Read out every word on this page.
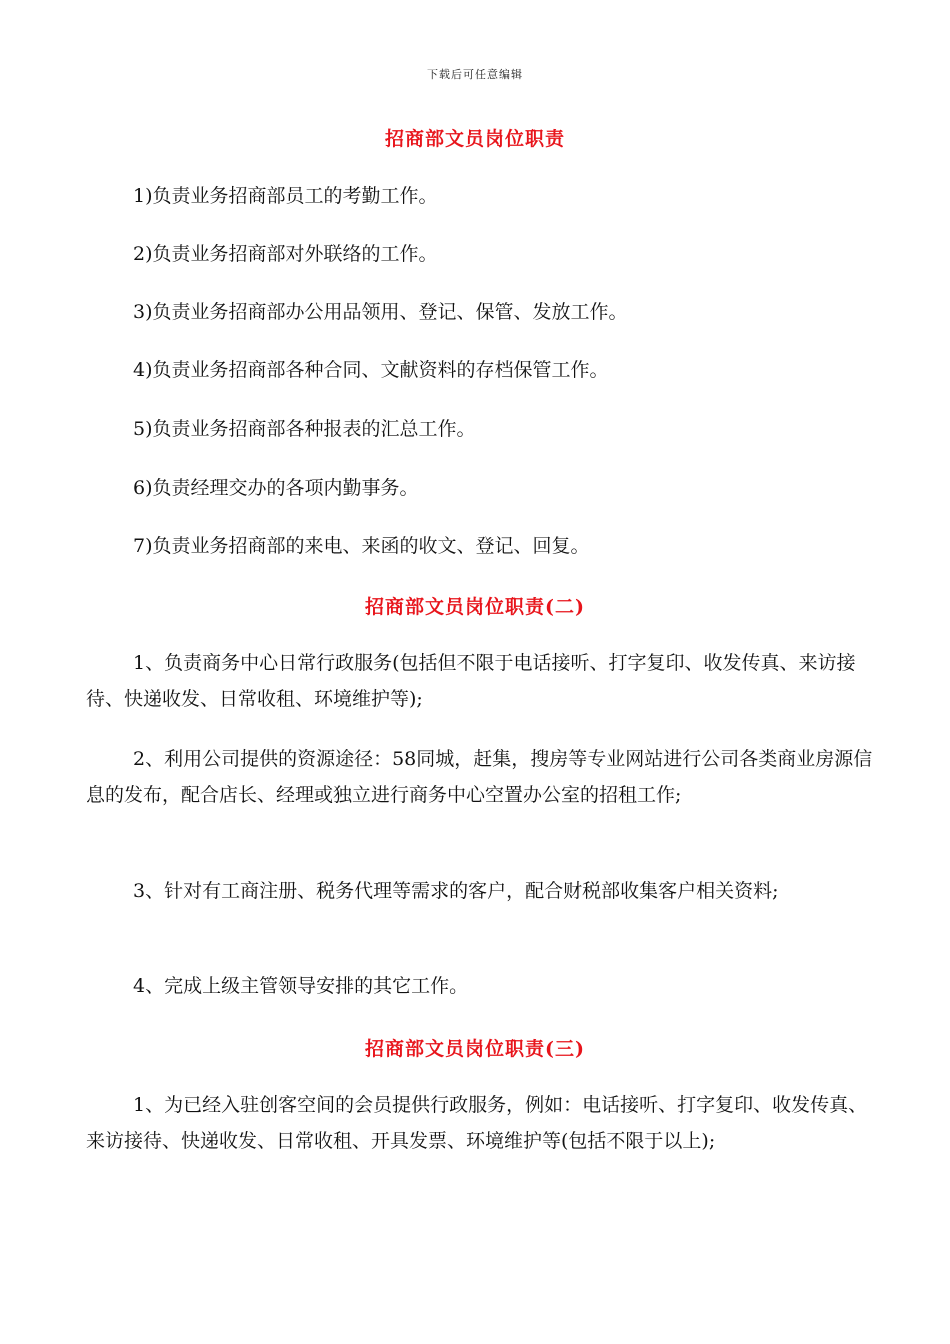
下载后可任意编辑
招商部文员岗位职责
1)负责业务招商部员工的考勤工作。
2)负责业务招商部对外联络的工作。
3)负责业务招商部办公用品领用、登记、保管、发放工作。
4)负责业务招商部各种合同、文献资料的存档保管工作。
5)负责业务招商部各种报表的汇总工作。
6)负责经理交办的各项内勤事务。
7)负责业务招商部的来电、来函的收文、登记、回复。
招商部文员岗位职责(二)

1、负责商务中心日常行政服务(包括但不限于电话接听、打字复印、收发传真、来访接待、快递收发、日常收租、环境维护等);

2、利用公司提供的资源途径：58同城，赶集，搜房等专业网站进行公司各类商业房源信息的发布，配合店长、经理或独立进行商务中心空置办公室的招租工作;

3、针对有工商注册、税务代理等需求的客户，配合财税部收集客户相关资料;

4、完成上级主管领导安排的其它工作。

招商部文员岗位职责(三)

1、为已经入驻创客空间的会员提供行政服务，例如：电话接听、打字复印、收发传真、来访接待、快递收发、日常收租、开具发票、环境维护等(包括不限于以上);
